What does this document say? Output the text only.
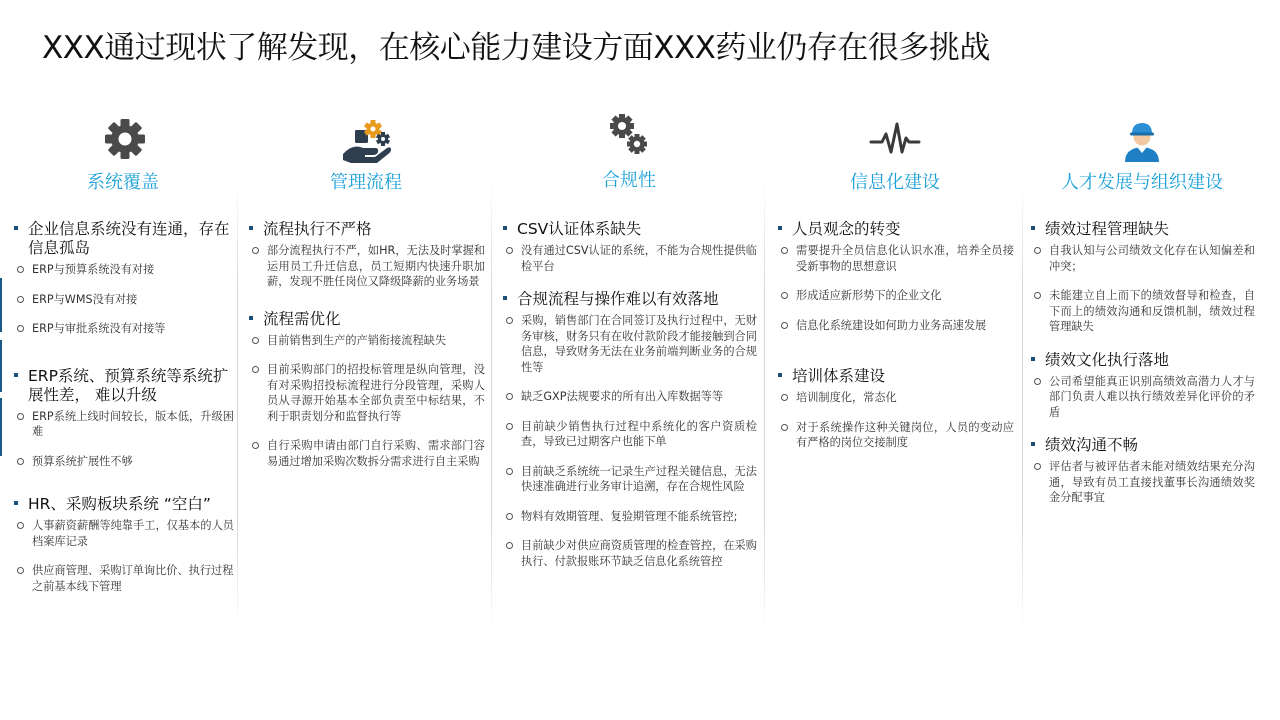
XXX通过现状了解发现，在核心能力建设方面XXX药业仍存在很多挑战
系统覆盖
企业信息系统没有连通，存在信息孤岛
ERP与预算系统没有对接
ERP与WMS没有对接
ERP与审批系统没有对接等
ERP系统、预算系统等系统扩展性差， 难以升级
ERP系统上线时间较长，版本低，升级困难
预算系统扩展性不够
HR、采购板块系统 “空白”
人事薪资薪酬等纯靠手工，仅基本的人员档案库记录
供应商管理、采购订单询比价、执行过程之前基本线下管理
管理流程
流程执行不严格
部分流程执行不严，如HR，无法及时掌握和运用员工升迁信息，员工短期内快速升职加薪，发现不胜任岗位又降级降薪的业务场景
流程需优化
目前销售到生产的产销衔接流程缺失
目前采购部门的招投标管理是纵向管理，没有对采购招投标流程进行分段管理，采购人员从寻源开始基本全部负责至中标结果，不利于职责划分和监督执行等
自行采购申请由部门自行采购、需求部门容易通过增加采购次数拆分需求进行自主采购
合规性
CSV认证体系缺失
没有通过CSV认证的系统，不能为合规性提供临检平台
合规流程与操作难以有效落地
采购，销售部门在合同签订及执行过程中，无财务审核，财务只有在收付款阶段才能接触到合同信息，导致财务无法在业务前端判断业务的合规性等
缺乏GXP法规要求的所有出入库数据等等
目前缺少销售执行过程中系统化的客户资质检查，导致已过期客户也能下单
目前缺乏系统统一记录生产过程关键信息，无法快速准确进行业务审计追溯，存在合规性风险
物料有效期管理、复验期管理不能系统管控;
目前缺少对供应商资质管理的检查管控，在采购执行、付款报账环节缺乏信息化系统管控
信息化建设
人员观念的转变
需要提升全员信息化认识水准，培养全员接受新事物的思想意识
形成适应新形势下的企业文化
信息化系统建设如何助力业务高速发展
培训体系建设
培训制度化，常态化
对于系统操作这种关键岗位，人员的变动应有严格的岗位交接制度
人才发展与组织建设
绩效过程管理缺失
自我认知与公司绩效文化存在认知偏差和冲突；
未能建立自上而下的绩效督导和检查，自下而上的绩效沟通和反馈机制，绩效过程管理缺失
绩效文化执行落地
公司希望能真正识别高绩效高潜力人才与部门负责人难以执行绩效差异化评价的矛盾
绩效沟通不畅
评估者与被评估者未能对绩效结果充分沟通，导致有员工直接找董事长沟通绩效奖金分配事宜
